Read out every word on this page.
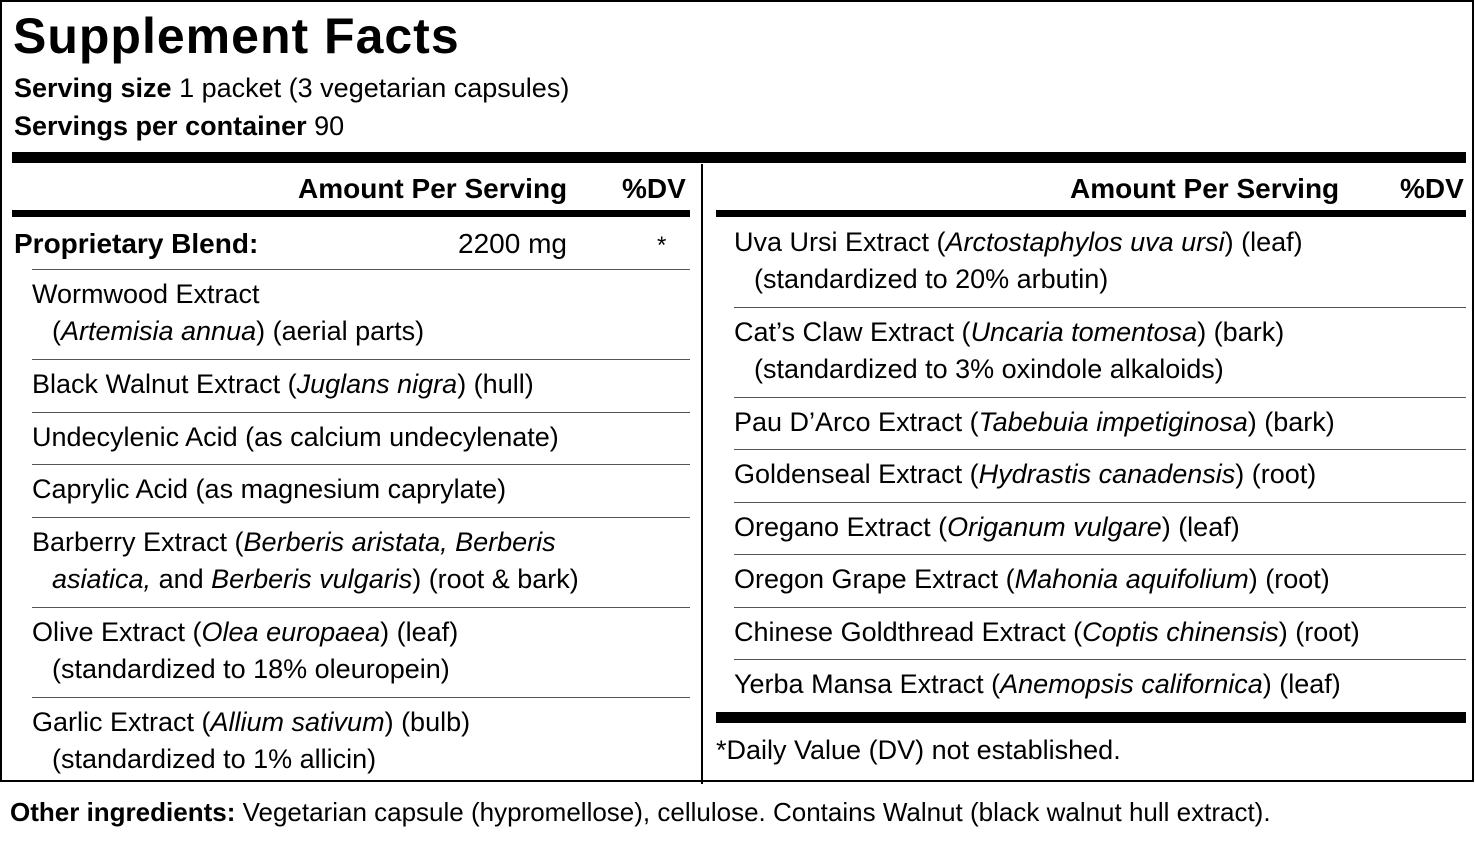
Supplement Facts
Serving size 1 packet (3 vegetarian capsules)
Servings per container 90
Amount Per Serving %DV	Amount Per Serving %DV
Proprietary Blend:	2200 mg	*
Wormwood Extract
(Artemisia annua) (aerial parts)
Black Walnut Extract (Juglans nigra) (hull)
Undecylenic Acid (as calcium undecylenate)
Caprylic Acid (as magnesium caprylate)
Barberry Extract (Berberis aristata, Berberis
asiatica, and Berberis vulgaris) (root & bark)
Olive Extract (Olea europaea) (leaf)
(standardized to 18% oleuropein)
Garlic Extract (Allium sativum) (bulb)
(standardized to 1% allicin)
Uva Ursi Extract (Arctostaphylos uva ursi) (leaf)
(standardized to 20% arbutin)
Cat’s Claw Extract (Uncaria tomentosa) (bark)
(standardized to 3% oxindole alkaloids)
Pau D’Arco Extract (Tabebuia impetiginosa) (bark)
Goldenseal Extract (Hydrastis canadensis) (root)
Oregano Extract (Origanum vulgare) (leaf)
Oregon Grape Extract (Mahonia aquifolium) (root)
Chinese Goldthread Extract (Coptis chinensis) (root)
Yerba Mansa Extract (Anemopsis californica) (leaf)
*Daily Value (DV) not established.
Other ingredients: Vegetarian capsule (hypromellose), cellulose. Contains Walnut (black walnut hull extract).
